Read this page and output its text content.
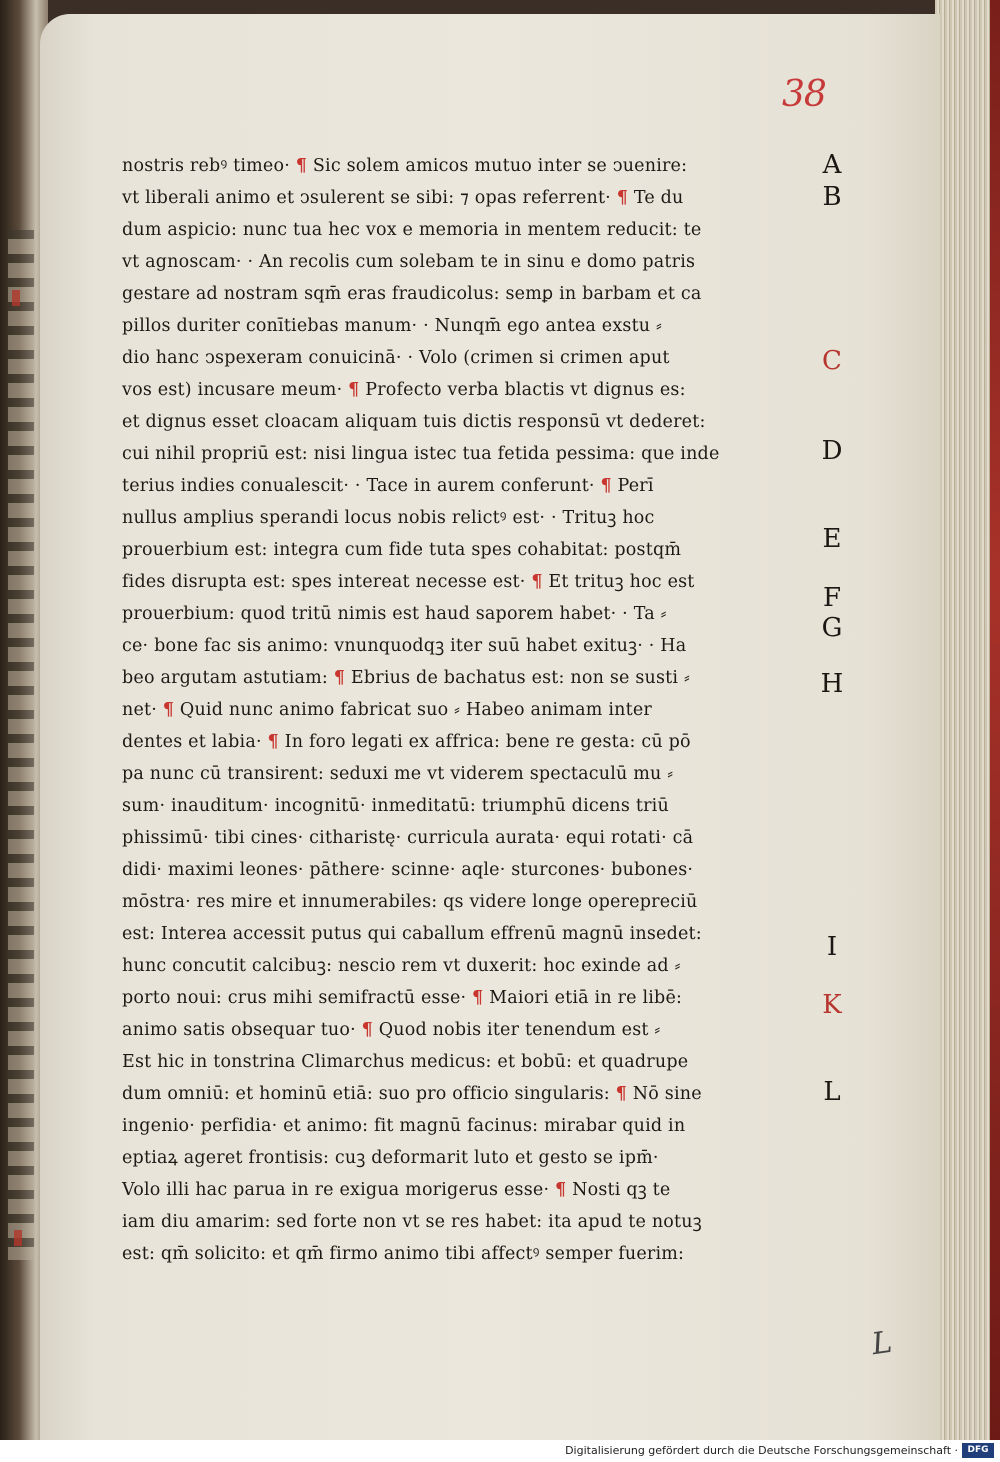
38
nostris rebꝰ timeo· ¶ Sic solem amicos mutuo inter se ↄuenire:
vt liberali animo et ↄsulerent se sibi: ⁊ opas referrent· ¶ Te du
dum aspicio: nunc tua hec vox e memoria in mentem reducit: te
vt agnoscam· · An recolis cum solebam te in sinu e domo patris
gestare ad nostram sqm̄ eras fraudicolus: semꝑ in barbam et ca
pillos duriter conītiebas manum· · Nunqm̄ ego antea exstu ⸗
dio hanc ↄspexeram conuicinā· · Volo (crimen si crimen aput
vos est) incusare meum· ¶ Profecto verba blactis vt dignus es:
et dignus esset cloacam aliquam tuis dictis responsū vt dederet:
cui nihil propriū est: nisi lingua istec tua fetida pessima: que inde
terius indies conualescit· · Tace in aurem conferunt· ¶ Perī
nullus amplius sperandi locus nobis relictꝰ est· · Trituꝫ hoc
prouerbium est: integra cum fide tuta spes cohabitat: postqm̄
fides disrupta est: spes intereat necesse est· ¶ Et trituꝫ hoc est
prouerbium: quod tritū nimis est haud saporem habet· · Ta ⸗
ce· bone fac sis animo: vnunquodqꝫ iter suū habet exituꝫ· · Ha
beo argutam astutiam: ¶ Ebrius de bachatus est: non se susti ⸗
net· ¶ Quid nunc animo fabricat suo ⸗ Habeo animam inter
dentes et labia· ¶ In foro legati ex affrica: bene re gesta: cū pō
pa nunc cū transirent: seduxi me vt viderem spectaculū mu ⸗
sum· inauditum· incognitū· inmeditatū: triumphū dicens triū
phissimū· tibi cines· citharistę· curricula aurata· equi rotati· cā
didi· maximi leones· pāthere· scinne· aqle· sturcones· bubones·
mōstra· res mire et innumerabiles: qs videre longe operepreciū
est: Interea accessit putus qui caballum effrenū magnū insedet:
hunc concutit calcibuꝫ: nescio rem vt duxerit: hoc exinde ad ⸗
porto noui: crus mihi semifractū esse· ¶ Maiori etiā in re libē:
animo satis obsequar tuo· ¶ Quod nobis iter tenendum est ⸗
Est hic in tonstrina Climarchus medicus: et bobū: et quadrupe
dum omniū: et hominū etiā: suo pro officio singularis: ¶ Nō sine
ingenio· perfidia· et animo: fit magnū facinus: mirabar quid in
eptiaꝝ ageret frontisis: cuꝫ deformarit luto et gesto se ipm̄·
Volo illi hac parua in re exigua morigerus esse· ¶ Nosti qꝫ te
iam diu amarim: sed forte non vt se res habet: ita apud te notuꝫ
est: qm̄ solicito: et qm̄ firmo animo tibi affectꝰ semper fuerim:
A
B
C
D
E
F
G
H
I
K
L
L
Digitalisierung gefördert durch die Deutsche Forschungsgemeinschaft ·	DFG
